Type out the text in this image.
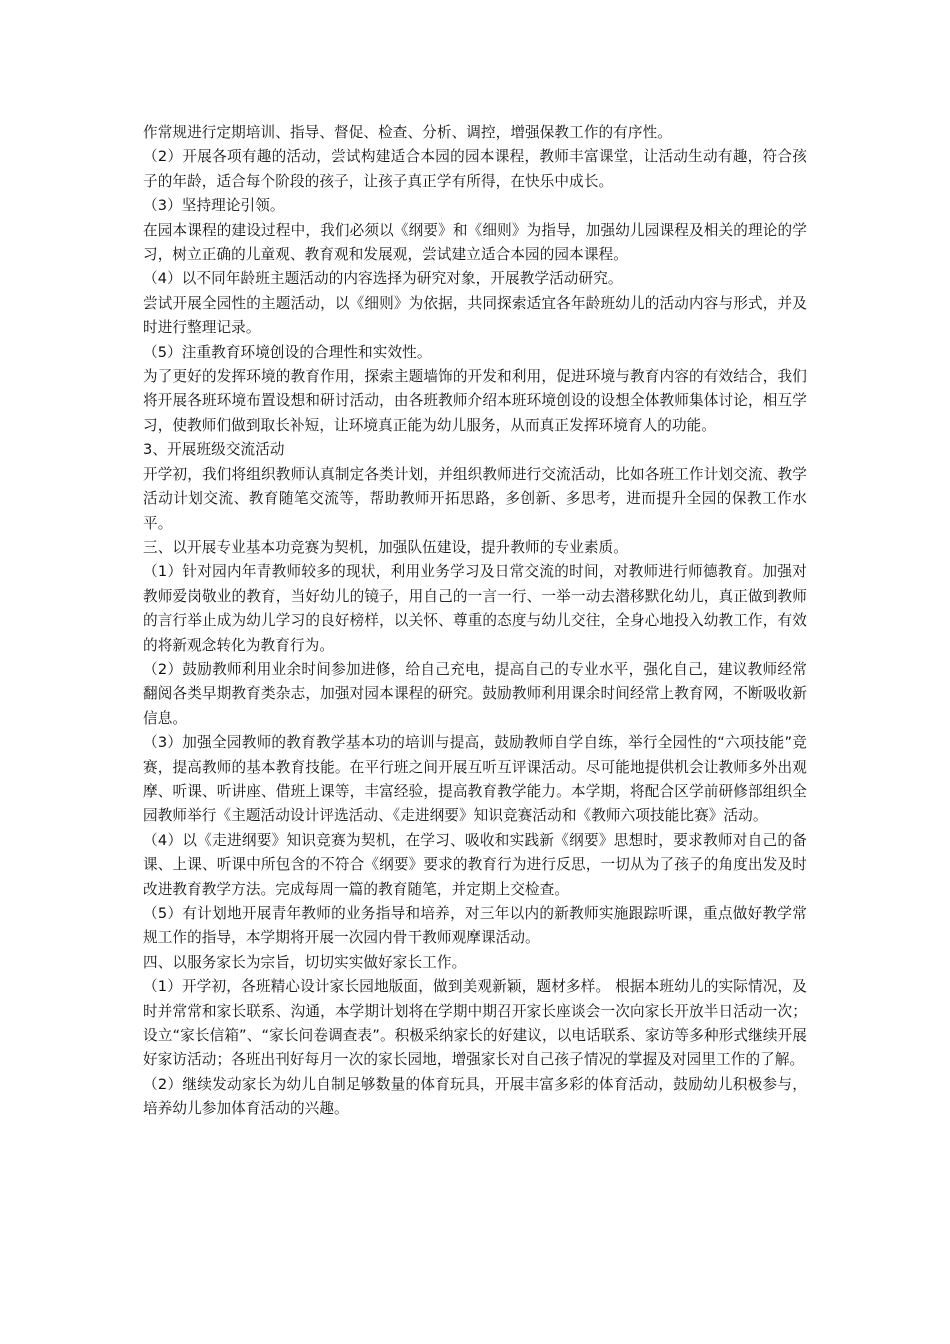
作常规进行定期培训、指导、督促、检查、分析、调控，增强保教工作的有序性。

（2）开展各项有趣的活动，尝试构建适合本园的园本课程，教师丰富课堂，让活动生动有趣，符合孩子的年龄，适合每个阶段的孩子，让孩子真正学有所得，在快乐中成长。

（3）坚持理论引领。

在园本课程的建设过程中，我们必须以《纲要》和《细则》为指导，加强幼儿园课程及相关的理论的学习，树立正确的儿童观、教育观和发展观，尝试建立适合本园的园本课程。

（4）以不同年龄班主题活动的内容选择为研究对象，开展教学活动研究。

尝试开展全园性的主题活动，以《细则》为依据，共同探索适宜各年龄班幼儿的活动内容与形式，并及时进行整理记录。

（5）注重教育环境创设的合理性和实效性。

为了更好的发挥环境的教育作用，探索主题墙饰的开发和利用，促进环境与教育内容的有效结合，我们将开展各班环境布置设想和研讨活动，由各班教师介绍本班环境创设的设想全体教师集体讨论，相互学习，使教师们做到取长补短，让环境真正能为幼儿服务，从而真正发挥环境育人的功能。

3、开展班级交流活动

开学初，我们将组织教师认真制定各类计划，并组织教师进行交流活动，比如各班工作计划交流、教学活动计划交流、教育随笔交流等，帮助教师开拓思路，多创新、多思考，进而提升全园的保教工作水平。

三、以开展专业基本功竞赛为契机，加强队伍建设，提升教师的专业素质。

（1）针对园内年青教师较多的现状，利用业务学习及日常交流的时间，对教师进行师德教育。加强对教师爱岗敬业的教育，当好幼儿的镜子，用自己的一言一行、一举一动去潜移默化幼儿，真正做到教师的言行举止成为幼儿学习的良好榜样，以关怀、尊重的态度与幼儿交往，全身心地投入幼教工作，有效的将新观念转化为教育行为。

（2）鼓励教师利用业余时间参加进修，给自己充电，提高自己的专业水平，强化自己，建议教师经常翻阅各类早期教育类杂志，加强对园本课程的研究。鼓励教师利用课余时间经常上教育网，不断吸收新信息。

（3）加强全园教师的教育教学基本功的培训与提高，鼓励教师自学自练，举行全园性的“六项技能”竞赛，提高教师的基本教育技能。在平行班之间开展互听互评课活动。尽可能地提供机会让教师多外出观摩、听课、听讲座、借班上课等，丰富经验，提高教育教学能力。本学期，将配合区学前研修部组织全园教师举行《主题活动设计评选活动、《走进纲要》知识竞赛活动和《教师六项技能比赛》活动。

（4）以《走进纲要》知识竞赛为契机，在学习、吸收和实践新《纲要》思想时，要求教师对自己的备课、上课、听课中所包含的不符合《纲要》要求的教育行为进行反思，一切从为了孩子的角度出发及时改进教育教学方法。完成每周一篇的教育随笔，并定期上交检查。

（5）有计划地开展青年教师的业务指导和培养，对三年以内的新教师实施跟踪听课，重点做好教学常规工作的指导，本学期将开展一次园内骨干教师观摩课活动。

四、以服务家长为宗旨，切切实实做好家长工作。

（1）开学初，各班精心设计家长园地版面，做到美观新颖，题材多样。 根据本班幼儿的实际情况，及时并常常和家长联系、沟通，本学期计划将在学期中期召开家长座谈会一次向家长开放半日活动一次；设立“家长信箱”、“家长问卷调查表”。积极采纳家长的好建议，以电话联系、家访等多种形式继续开展好家访活动；各班出刊好每月一次的家长园地，增强家长对自己孩子情况的掌握及对园里工作的了解。

（2）继续发动家长为幼儿自制足够数量的体育玩具，开展丰富多彩的体育活动，鼓励幼儿积极参与，培养幼儿参加体育活动的兴趣。
